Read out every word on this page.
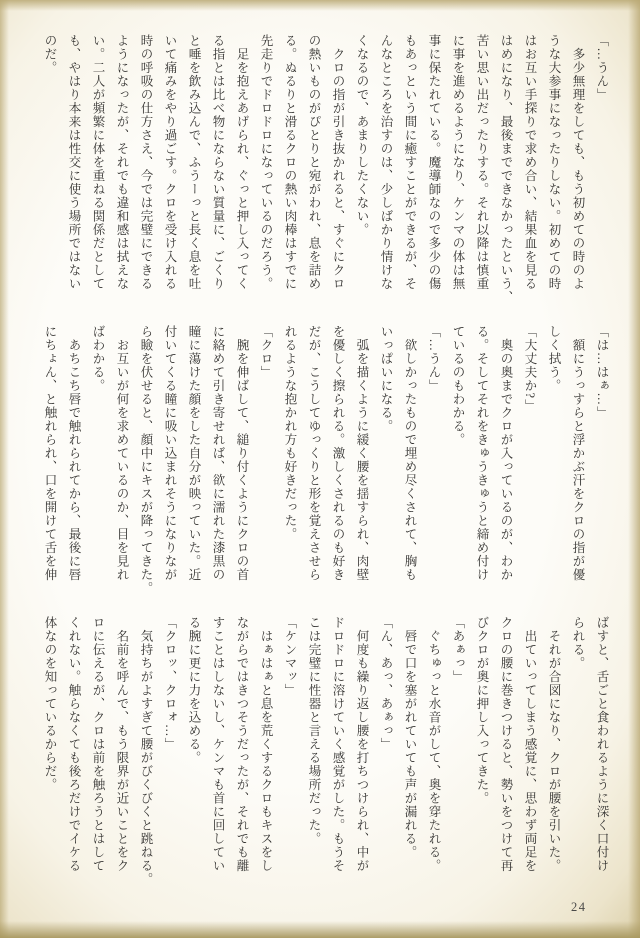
「…うん」

　多少無理をしても、もう初めての時のよ

うな大参事になったりしない。初めての時

はお互い手探りで求め合い、結果血を見る

はめになり、最後までできなかったという、

苦い思い出だったりする。それ以降は慎重

に事を進めるようになり、ケンマの体は無

事に保たれている。魔導師なので多少の傷

もあっという間に癒すことができるが、そ

んなところを治すのは、少しばかり情けな

くなるので、あまりしたくない。

　クロの指が引き抜かれると、すぐにクロ

の熱いものがぴとりと宛がわれ、息を詰め

る。ぬるりと滑るクロの熱い肉棒はすでに

先走りでドロドロになっているのだろう。

　足を抱えあげられ、ぐっと押し入ってく

る指とは比べ物にならない質量に、ごくり

と唾を飲み込んで、ふうーっと長く息を吐

いて痛みをやり過ごす。クロを受け入れる

時の呼吸の仕方さえ、今では完璧にできる

ようになったが、それでも違和感は拭えな

い。二人が頻繁に体を重ねる関係だとして

も、やはり本来は性交に使う場所ではない

のだ。

「は…はぁ…」

　額にうっすらと浮かぶ汗をクロの指が優

しく拭う。

「大丈夫か?」

　奥の奥までクロが入っているのが、わか

る。そしてそれをきゅうきゅうと締め付け

ているのもわかる。

「…うん」

　欲しかったもので埋め尽くされて、胸も

いっぱいになる。

　弧を描くように緩く腰を揺すられ、肉壁

を優しく擦られる。激しくされるのも好き

だが、こうしてゆっくりと形を覚えさせら

れるような抱かれ方も好きだった。

「クロ」

　腕を伸ばして、縋り付くようにクロの首

に絡めて引き寄せれば、欲に濡れた漆黒の

瞳に蕩けた顔をした自分が映っていた。近

付いてくる瞳に吸い込まれそうになりなが

ら瞼を伏せると、顔中にキスが降ってきた。

　お互いが何を求めているのか、目を見れ

ばわかる。

　あちこち唇で触れられてから、最後に唇

にちょん、と触れられ、口を開けて舌を伸

ばすと、舌ごと食われるように深く口付け

られる。

　それが合図になり、クロが腰を引いた。

　出ていってしまう感覚に、思わず両足を

クロの腰に巻きつけると、勢いをつけて再

びクロが奥に押し入ってきた。

「あぁっ」

　ぐちゅっと水音がして、奥を穿たれる。

　唇で口を塞がれていても声が漏れる。

「ん、あっ、あぁっ」

　何度も繰り返し腰を打ちつけられ、中が

ドロドロに溶けていく感覚がした。もうそ

こは完璧に性器と言える場所だった。

「ケンマッ」

　はぁはぁと息を荒くするクロもキスをし

ながらではきつそうだったが、それでも離

すことはしないし、ケンマも首に回してい

る腕に更に力を込める。

「クロッ、クロォ…」

　気持ちがよすぎて腰がびくびくと跳ねる。

　名前を呼んで、もう限界が近いことをク

ロに伝えるが、クロは前を触ろうとはして

くれない。触らなくても後ろだけでイケる

体なのを知っているからだ。

24
